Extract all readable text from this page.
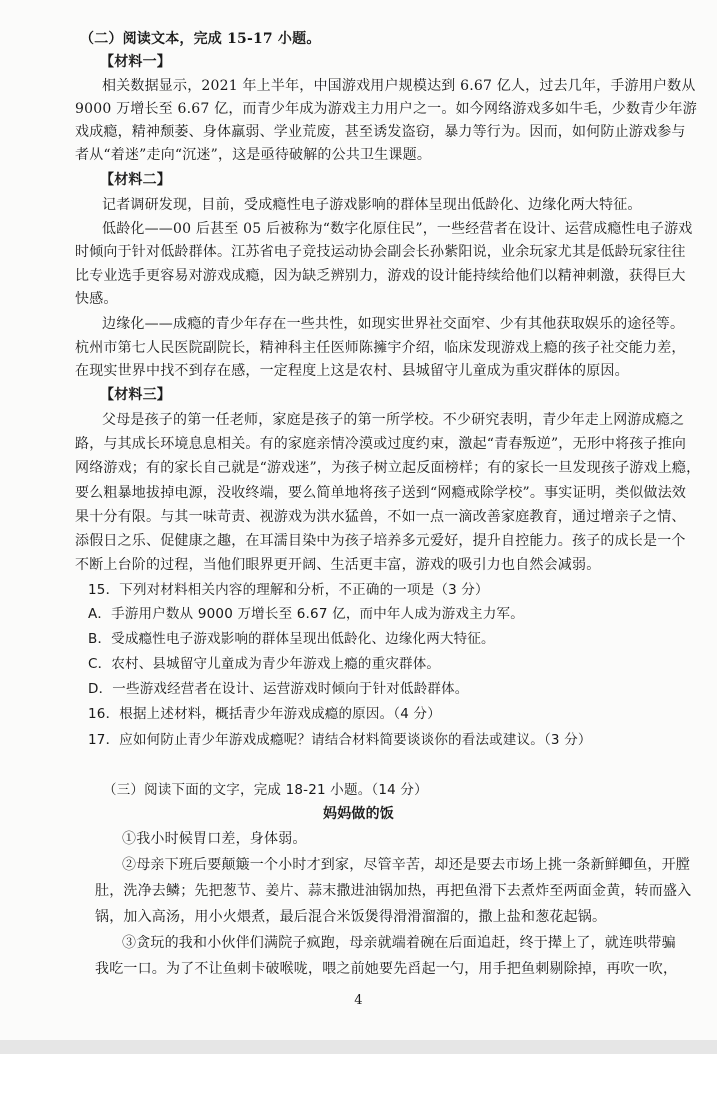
（二）阅读文本，完成 15-17 小题。
【材料一】
相关数据显示，2021 年上半年，中国游戏用户规模达到 6.67 亿人，过去几年，手游用户数从
9000 万增长至 6.67 亿，而青少年成为游戏主力用户之一。如今网络游戏多如牛毛，少数青少年游
戏成瘾，精神颓萎、身体羸弱、学业荒废，甚至诱发盗窃，暴力等行为。因而，如何防止游戏参与
者从“着迷”走向“沉迷”，这是亟待破解的公共卫生课题。
【材料二】
记者调研发现，目前，受成瘾性电子游戏影响的群体呈现出低龄化、边缘化两大特征。
低龄化——00 后甚至 05 后被称为“数字化原住民”，一些经营者在设计、运营成瘾性电子游戏
时倾向于针对低龄群体。江苏省电子竞技运动协会副会长孙紫阳说，业余玩家尤其是低龄玩家往往
比专业选手更容易对游戏成瘾，因为缺乏辨别力，游戏的设计能持续给他们以精神刺激，获得巨大
快感。
边缘化——成瘾的青少年存在一些共性，如现实世界社交面窄、少有其他获取娱乐的途径等。
杭州市第七人民医院副院长，精神科主任医师陈擁宇介绍，临床发现游戏上瘾的孩子社交能力差，
在现实世界中找不到存在感，一定程度上这是农村、县城留守儿童成为重灾群体的原因。
【材料三】
父母是孩子的第一任老师，家庭是孩子的第一所学校。不少研究表明，青少年走上网游成瘾之
路，与其成长环境息息相关。有的家庭亲情冷漠或过度约束，激起“青春叛逆”，无形中将孩子推向
网络游戏；有的家长自己就是“游戏迷”，为孩子树立起反面榜样；有的家长一旦发现孩子游戏上瘾，
要么粗暴地拔掉电源，没收终端，要么简单地将孩子送到“网瘾戒除学校”。事实证明，类似做法效
果十分有限。与其一味苛责、视游戏为洪水猛兽，不如一点一滴改善家庭教育，通过增亲子之情、
添假日之乐、促健康之趣，在耳濡目染中为孩子培养多元爱好，提升自控能力。孩子的成长是一个
不断上台阶的过程，当他们眼界更开阔、生活更丰富，游戏的吸引力也自然会减弱。
15．下列对材料相关内容的理解和分析，不正确的一项是（3 分）
A．手游用户数从 9000 万增长至 6.67 亿，而中年人成为游戏主力军。
B．受成瘾性电子游戏影响的群体呈现出低龄化、边缘化两大特征。
C．农村、县城留守儿童成为青少年游戏上瘾的重灾群体。
D．一些游戏经营者在设计、运营游戏时倾向于针对低龄群体。
16．根据上述材料，概括青少年游戏成瘾的原因。（4 分）
17．应如何防止青少年游戏成瘾呢？请结合材料简要谈谈你的看法或建议。（3 分）
（三）阅读下面的文字，完成 18-21 小题。（14 分）
妈妈做的饭
①我小时候胃口差，身体弱。
②母亲下班后要颠簸一个小时才到家，尽管辛苦，却还是要去市场上挑一条新鲜鲫鱼，开膛
肚，洗净去鳞；先把葱节、姜片、蒜末撒进油锅加热，再把鱼滑下去煮炸至两面金黄，转而盛入
锅，加入高汤，用小火煨煮，最后混合米饭煲得滑滑溜溜的，撒上盐和葱花起锅。
③贪玩的我和小伙伴们满院子疯跑，母亲就端着碗在后面追赶，终于撵上了，就连哄带骗
我吃一口。为了不让鱼刺卡破喉咙，喂之前她要先舀起一勺，用手把鱼刺剔除掉，再吹一吹，
4
